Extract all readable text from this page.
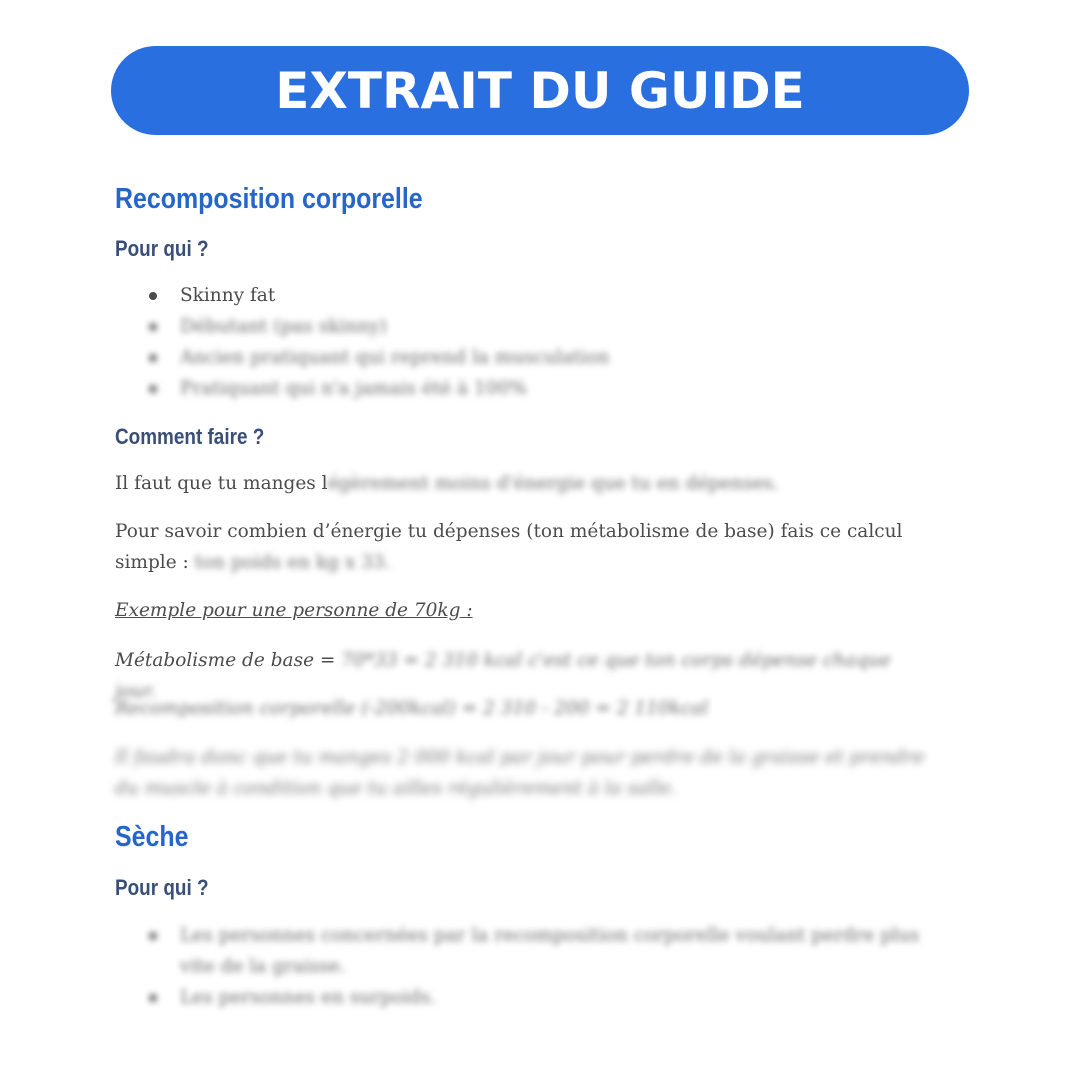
EXTRAIT DU GUIDE
Recomposition corporelle
Pour qui ?
Skinny fat
Débutant (pas skinny)
Ancien pratiquant qui reprend la musculation
Pratiquant qui n'a jamais été à 100%
Comment faire ?

Il faut que tu manges légèrement moins d'énergie que tu en dépenses.

Pour savoir combien d’énergie tu dépenses (ton métabolisme de base) fais ce calcul simple : ton poids en kg x 33.

Exemple pour une personne de 70kg :

Métabolisme de base = 70*33 = 2 310 kcal c'est ce que ton corps dépense chaque jour.

Recomposition corporelle (-200kcal) = 2 310 - 200 = 2 110kcal

Il faudra donc que tu manges 2 000 kcal par jour pour perdre de la graisse et prendre du muscle à condition que tu ailles régulièrement à la salle.

Sèche
Pour qui ?
Les personnes concernées par la recomposition corporelle voulant perdre plus vite de la graisse.
Les personnes en surpoids.
